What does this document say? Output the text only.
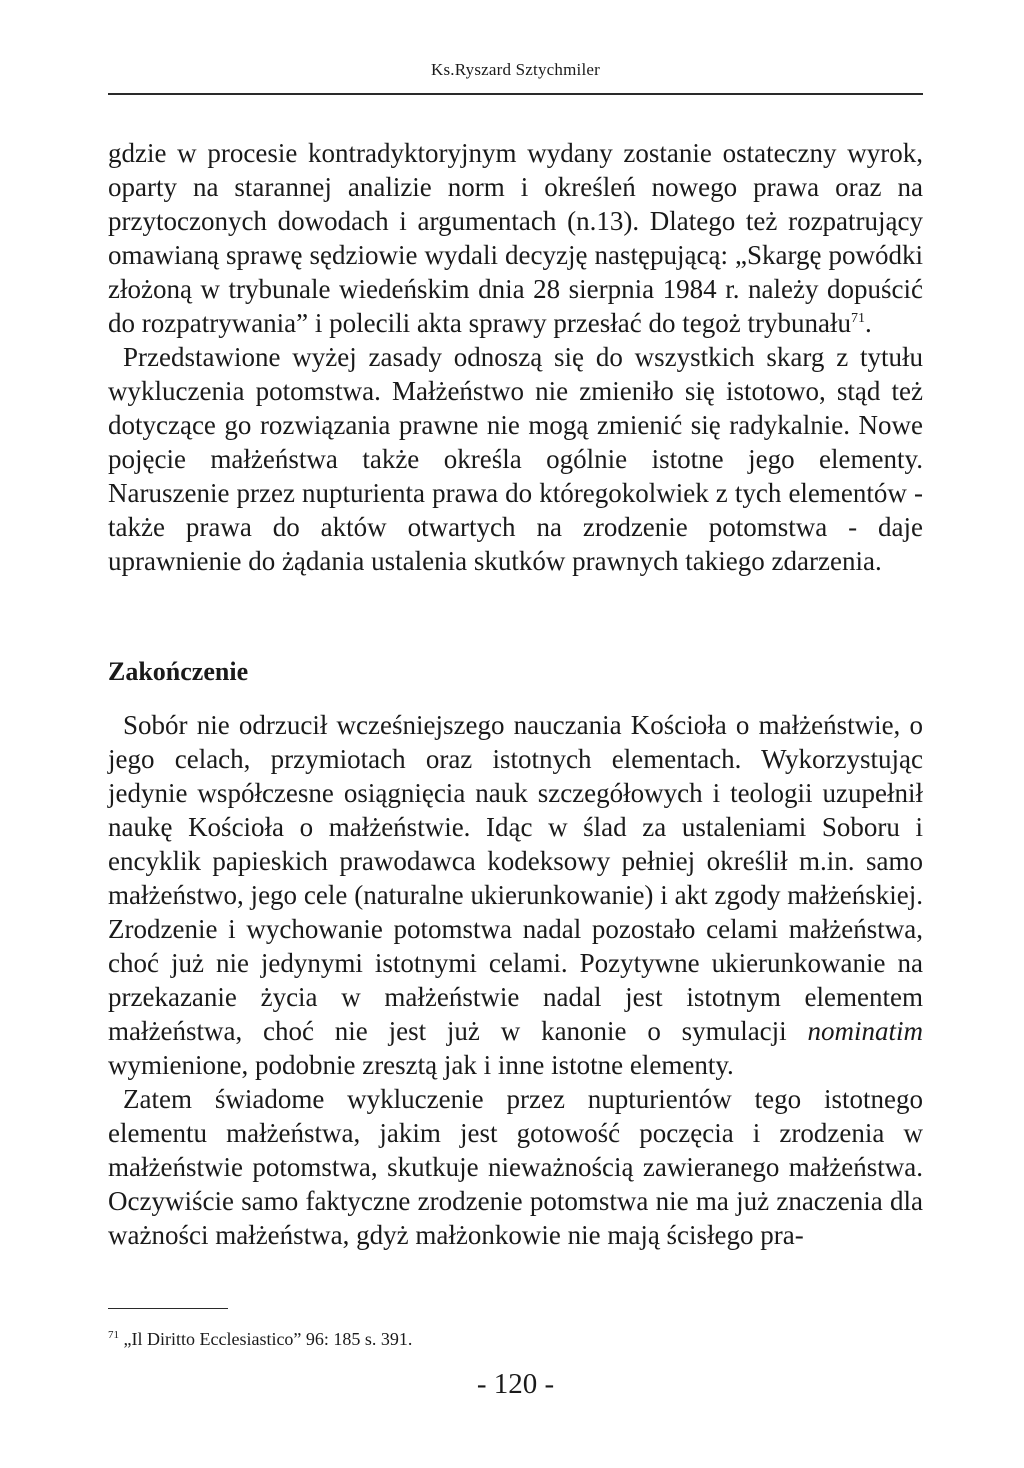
Ks.Ryszard Sztychmiler

gdzie w procesie kontradyktoryjnym wydany zostanie ostateczny wyrok, oparty na starannej analizie norm i określeń nowego prawa oraz na przytoczonych dowodach i argumentach (n.13). Dlatego też rozpatrujący omawianą sprawę sędziowie wydali decyzję następującą: „Skargę powódki złożoną w trybunale wiedeńskim dnia 28 sierpnia 1984 r. należy dopuścić do rozpatrywania” i polecili akta sprawy przesłać do tegoż trybunału$^{71}$.

Przedstawione wyżej zasady odnoszą się do wszystkich skarg z tytułu wykluczenia potomstwa. Małżeństwo nie zmieniło się istotowo, stąd też dotyczące go rozwiązania prawne nie mogą zmienić się radykalnie. Nowe pojęcie małżeństwa także określa ogólnie istotne jego elementy. Naruszenie przez nupturienta prawa do któregokolwiek z tych elementów - także prawa do aktów otwartych na zrodzenie potomstwa - daje uprawnienie do żądania ustalenia skutków prawnych takiego zdarzenia.

Zakończenie

Sobór nie odrzucił wcześniejszego nauczania Kościoła o małżeństwie, o jego celach, przymiotach oraz istotnych elementach. Wykorzystując jedynie współczesne osiągnięcia nauk szczegółowych i teologii uzupełnił naukę Kościoła o małżeństwie. Idąc w ślad za ustaleniami Soboru i encyklik papieskich prawodawca kodeksowy pełniej określił m.in. samo małżeństwo, jego cele (naturalne ukierunkowanie) i akt zgody małżeńskiej. Zrodzenie i wychowanie potomstwa nadal pozostało celami małżeństwa, choć już nie jedynymi istotnymi celami. Pozytywne ukierunkowanie na przekazanie życia w małżeństwie nadal jest istotnym elementem małżeństwa, choć nie jest już w kanonie o symulacji nominatim wymienione, podobnie zresztą jak i inne istotne elementy.

Zatem świadome wykluczenie przez nupturientów tego istotnego elementu małżeństwa, jakim jest gotowość poczęcia i zrodzenia w małżeństwie potomstwa, skutkuje nieważnością zawieranego małżeństwa. Oczywiście samo faktyczne zrodzenie potomstwa nie ma już znaczenia dla ważności małżeństwa, gdyż małżonkowie nie mają ścisłego pra-

$^{71}$ „Il Diritto Ecclesiastico” 96: 185 s. 391.
- 120 -
